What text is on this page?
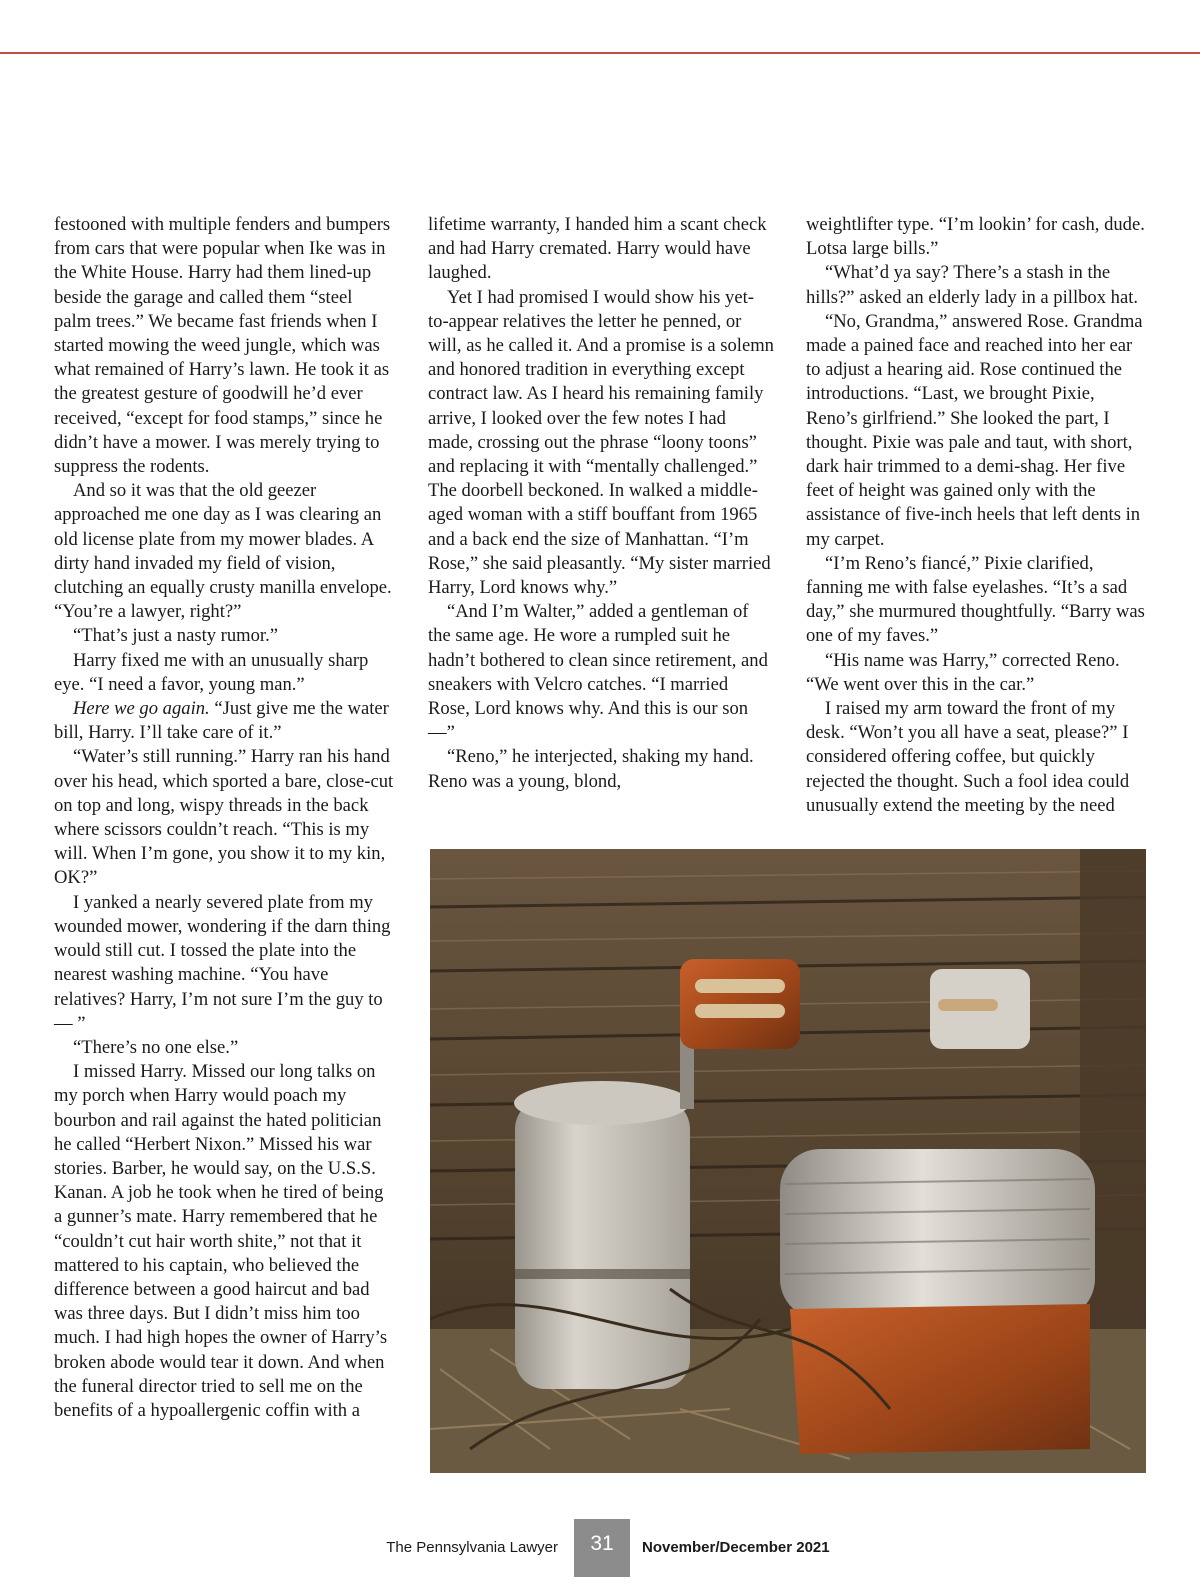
festooned with multiple fenders and bumpers from cars that were popular when Ike was in the White House. Harry had them lined-up beside the garage and called them “steel palm trees.” We became fast friends when I started mowing the weed jungle, which was what remained of Harry’s lawn. He took it as the greatest gesture of goodwill he’d ever received, “except for food stamps,” since he didn’t have a mower. I was merely trying to suppress the rodents.

And so it was that the old geezer approached me one day as I was clearing an old license plate from my mower blades. A dirty hand invaded my field of vision, clutching an equally crusty manilla envelope. “You’re a lawyer, right?”

“That’s just a nasty rumor.”

Harry fixed me with an unusually sharp eye. “I need a favor, young man.”

Here we go again. “Just give me the water bill, Harry. I’ll take care of it.”

“Water’s still running.” Harry ran his hand over his head, which sported a bare, close-cut on top and long, wispy threads in the back where scissors couldn’t reach. “This is my will. When I’m gone, you show it to my kin, OK?”

I yanked a nearly severed plate from my wounded mower, wondering if the darn thing would still cut. I tossed the plate into the nearest washing machine. “You have relatives? Harry, I’m not sure I’m the guy to — ”

“There’s no one else.”

I missed Harry. Missed our long talks on my porch when Harry would poach my bourbon and rail against the hated politician he called “Herbert Nixon.” Missed his war stories. Barber, he would say, on the U.S.S. Kanan. A job he took when he tired of being a gunner’s mate. Harry remembered that he “couldn’t cut hair worth shite,” not that it mattered to his captain, who believed the difference between a good haircut and bad was three days. But I didn’t miss him too much. I had high hopes the owner of Harry’s broken abode would tear it down. And when the funeral director tried to sell me on the benefits of a hypoallergenic coffin with a

lifetime warranty, I handed him a scant check and had Harry cremated. Harry would have laughed.

Yet I had promised I would show his yet-to-appear relatives the letter he penned, or will, as he called it. And a promise is a solemn and honored tradition in everything except contract law. As I heard his remaining family arrive, I looked over the few notes I had made, crossing out the phrase “loony toons” and replacing it with “mentally challenged.” The doorbell beckoned. In walked a middle-aged woman with a stiff bouffant from 1965 and a back end the size of Manhattan. “I’m Rose,” she said pleasantly. “My sister married Harry, Lord knows why.”

“And I’m Walter,” added a gentleman of the same age. He wore a rumpled suit he hadn’t bothered to clean since retirement, and sneakers with Velcro catches. “I married Rose, Lord knows why. And this is our son —”

“Reno,” he interjected, shaking my hand. Reno was a young, blond,

weightlifter type. “I’m lookin’ for cash, dude. Lotsa large bills.”

“What’d ya say? There’s a stash in the hills?” asked an elderly lady in a pillbox hat.

“No, Grandma,” answered Rose. Grandma made a pained face and reached into her ear to adjust a hearing aid. Rose continued the introductions. “Last, we brought Pixie, Reno’s girlfriend.” She looked the part, I thought. Pixie was pale and taut, with short, dark hair trimmed to a demi-shag. Her five feet of height was gained only with the assistance of five-inch heels that left dents in my carpet.

“I’m Reno’s fiancé,” Pixie clarified, fanning me with false eyelashes. “It’s a sad day,” she murmured thoughtfully. “Barry was one of my faves.”

“His name was Harry,” corrected Reno. “We went over this in the car.”

I raised my arm toward the front of my desk. “Won’t you all have a seat, please?” I considered offering coffee, but quickly rejected the thought. Such a fool idea could unusually extend the meeting by the need

The Pennsylvania Lawyer	31	November/December 2021
